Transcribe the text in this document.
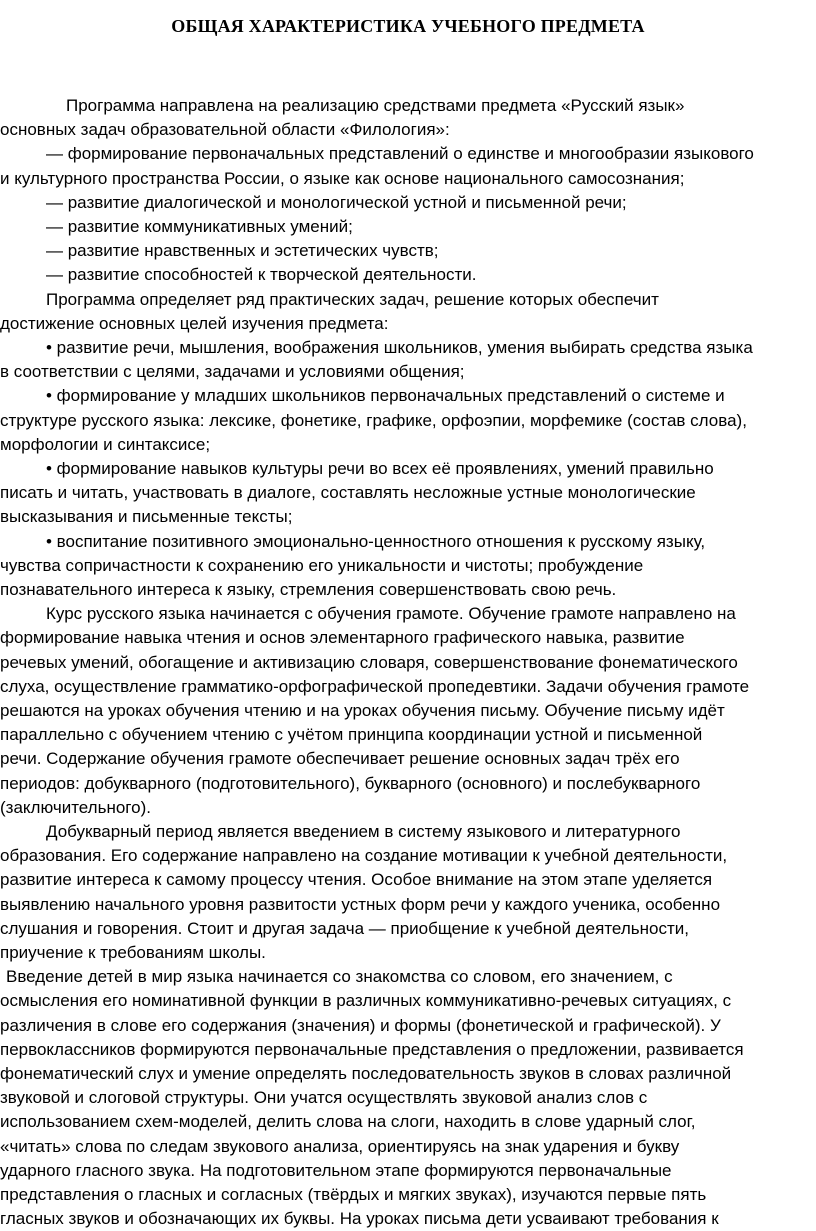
ОБЩАЯ ХАРАКТЕРИСТИКА УЧЕБНОГО ПРЕДМЕТА
Программа направлена на реализацию средствами предмета «Русский язык»
основных задач образовательной области «Филология»:
— формирование первоначальных представлений о единстве и многообразии языкового
и культурного пространства России, о языке как основе национального самосознания;
— развитие диалогической и монологической устной и письменной речи;
— развитие коммуникативных умений;
— развитие нравственных и эстетических чувств;
— развитие способностей к творческой деятельности.
Программа определяет ряд практических задач, решение которых обеспечит
достижение основных целей изучения предмета:
• развитие речи, мышления, воображения школьников, умения выбирать средства языка
в соответствии с целями, задачами и условиями общения;
• формирование у младших школьников первоначальных представлений о системе и
структуре русского языка: лексике, фонетике, графике, орфоэпии, морфемике (состав слова),
морфологии и синтаксисе;
• формирование навыков культуры речи во всех её проявлениях, умений правильно
писать и читать, участвовать в диалоге, составлять несложные устные монологические
высказывания и письменные тексты;
• воспитание позитивного эмоционально-ценностного отношения к русскому языку,
чувства сопричастности к сохранению его уникальности и чистоты; пробуждение
познавательного интереса к языку, стремления совершенствовать свою речь.
Курс русского языка начинается с обучения грамоте. Обучение грамоте направлено на
формирование навыка чтения и основ элементарного графического навыка, развитие
речевых умений, обогащение и активизацию словаря, совершенствование фонематического
слуха, осуществление грамматико-орфографической пропедевтики. Задачи обучения грамоте
решаются на уроках обучения чтению и на уроках обучения письму. Обучение письму идёт
параллельно с обучением чтению с учётом принципа координации устной и письменной
речи. Содержание обучения грамоте обеспечивает решение основных задач трёх его
периодов: добукварного (подготовительного), букварного (основного) и послебукварного
(заключительного).
Добукварный период является введением в систему языкового и литературного
образования. Его содержание направлено на создание мотивации к учебной деятельности,
развитие интереса к самому процессу чтения. Особое внимание на этом этапе уделяется
выявлению начального уровня развитости устных форм речи у каждого ученика, особенно
слушания и говорения. Стоит и другая задача — приобщение к учебной деятельности,
приучение к требованиям школы.
Введение детей в мир языка начинается со знакомства со словом, его значением, с
осмысления его номинативной функции в различных коммуникативно-речевых ситуациях, с
различения в слове его содержания (значения) и формы (фонетической и графической). У
первоклассников формируются первоначальные представления о предложении, развивается
фонематический слух и умение определять последовательность звуков в словах различной
звуковой и слоговой структуры. Они учатся осуществлять звуковой анализ слов с
использованием схем-моделей, делить слова на слоги, находить в слове ударный слог,
«читать» слова по следам звукового анализа, ориентируясь на знак ударения и букву
ударного гласного звука. На подготовительном этапе формируются первоначальные
представления о гласных и согласных (твёрдых и мягких звуках), изучаются первые пять
гласных звуков и обозначающих их буквы. На уроках письма дети усваивают требования к
